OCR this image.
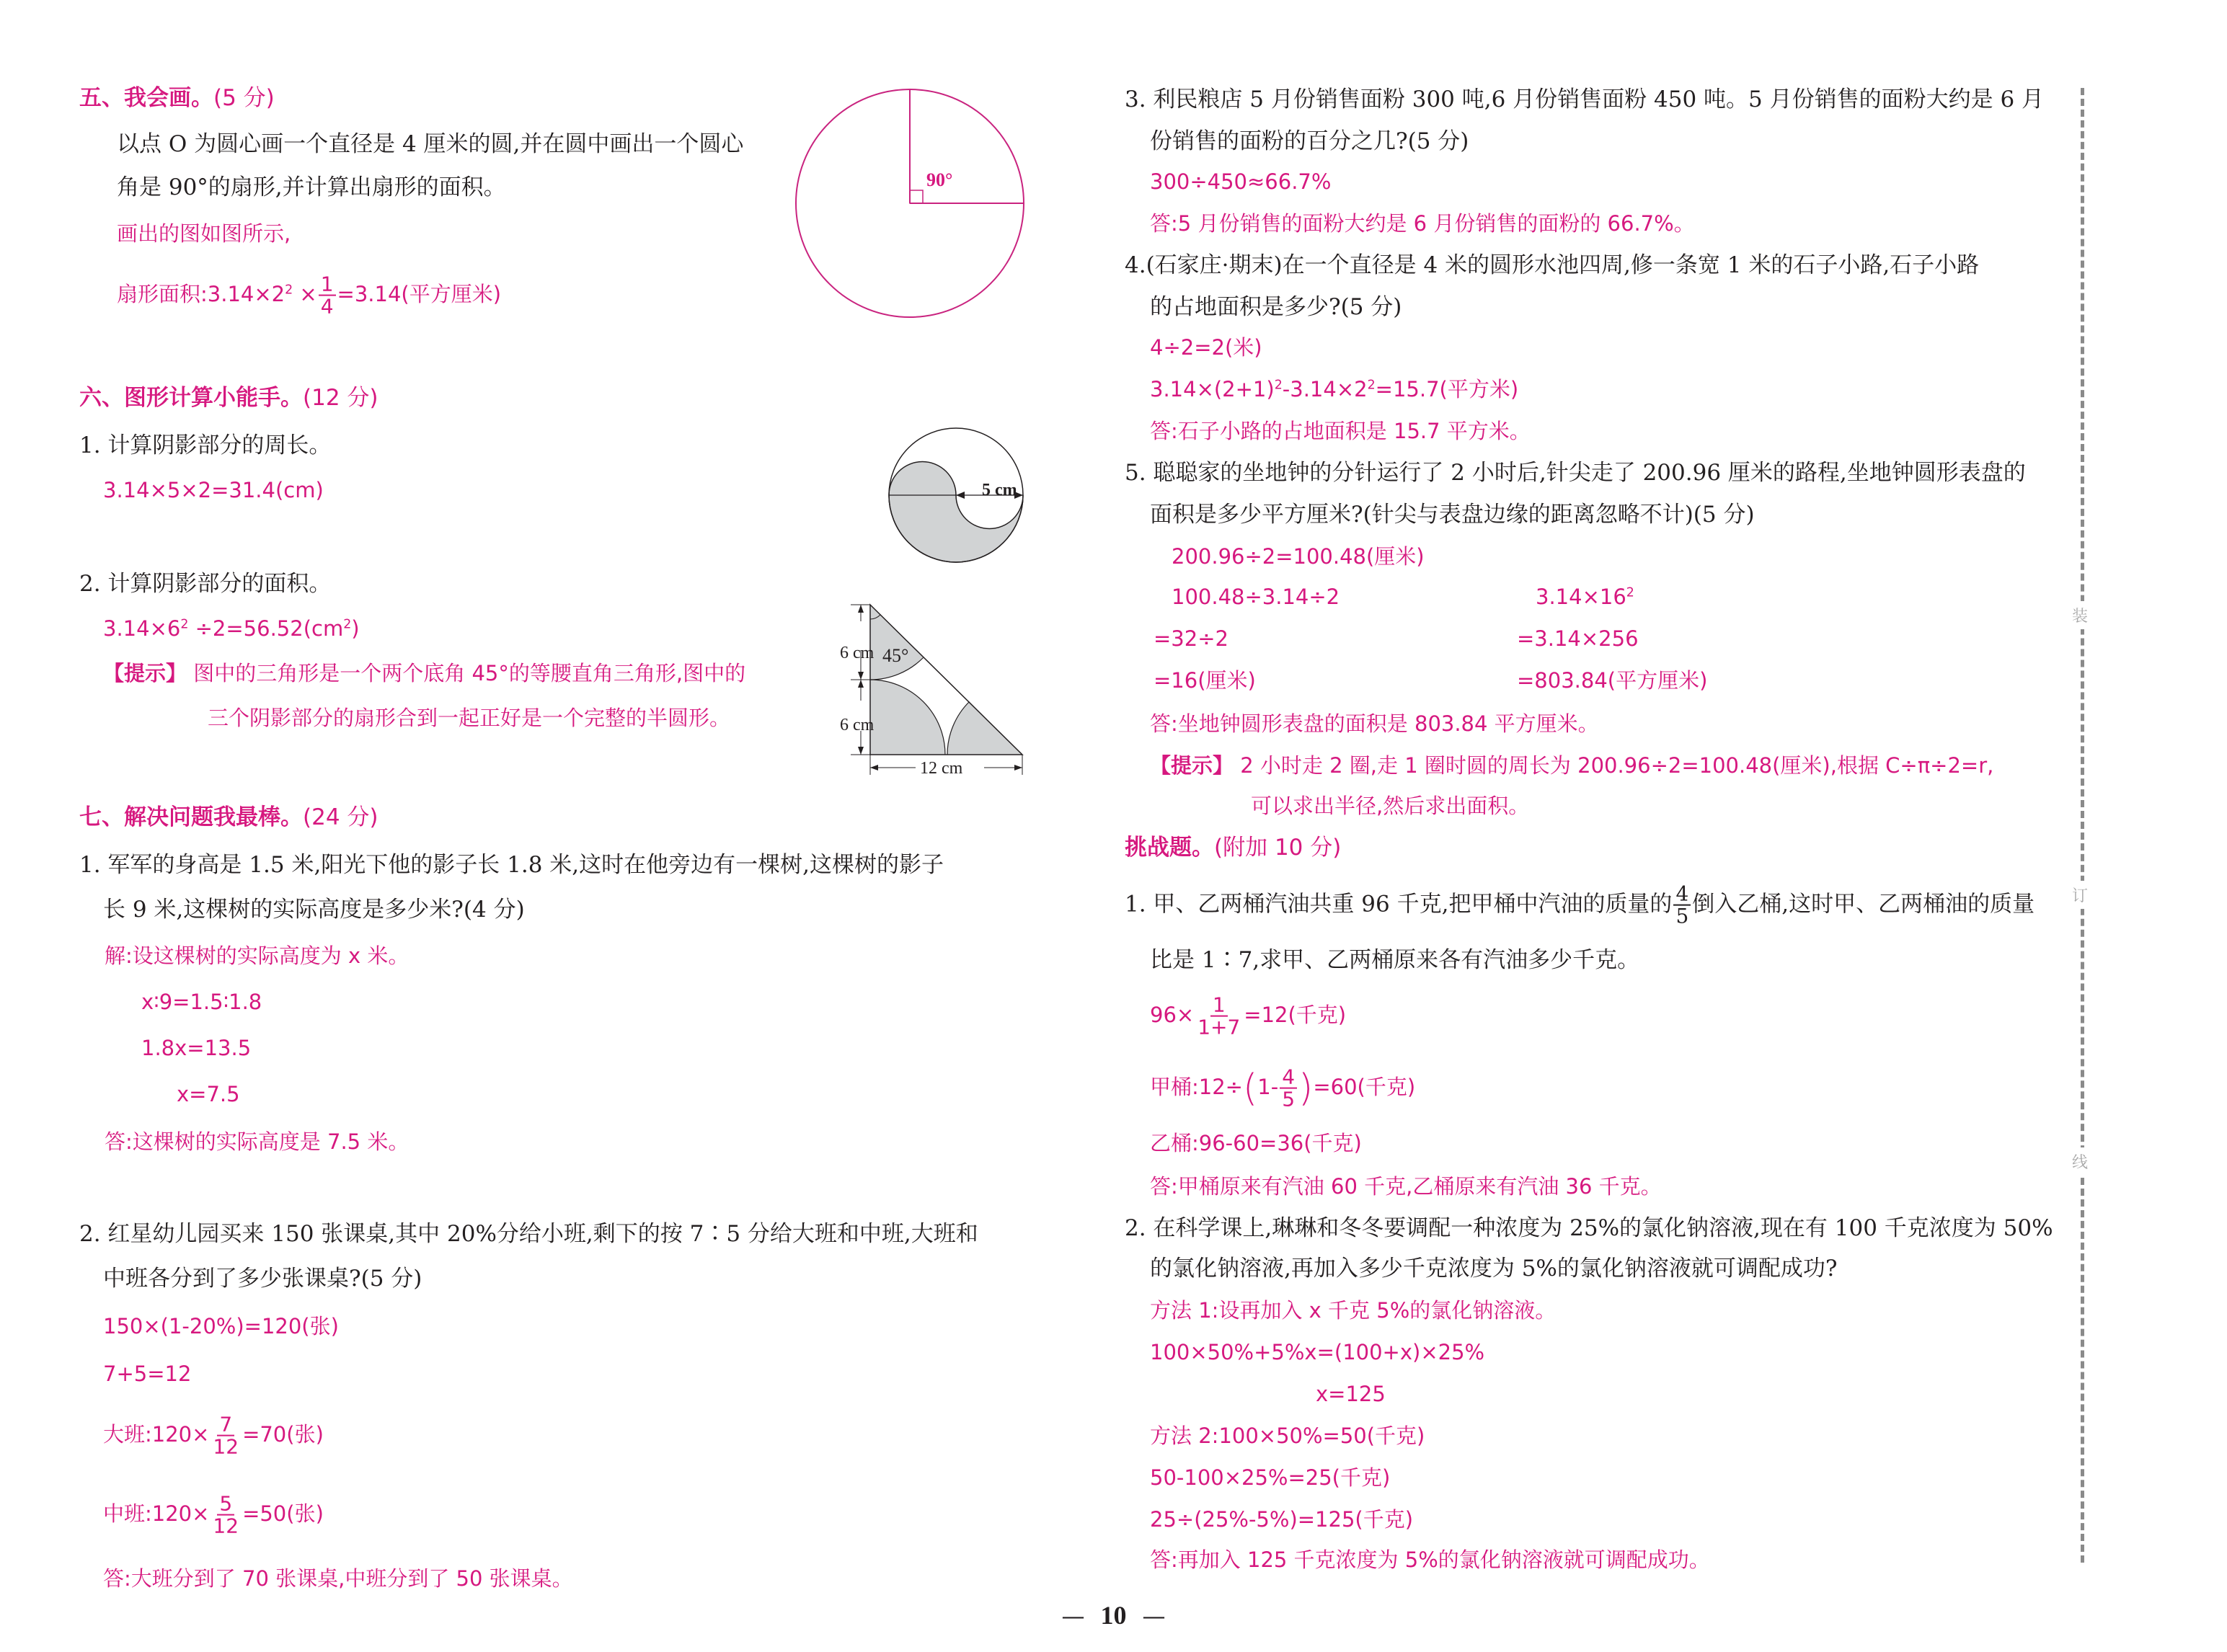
五、我会画。(5 分)
以点 O 为圆心画一个直径是 4 厘米的圆,并在圆中画出一个圆心
角是 90°的扇形,并计算出扇形的面积。
画出的图如图所示,
扇形面积$:3.14\times 2^2 \times \frac{1}{4} =3.14$(平方厘米)
90°
六、图形计算小能手。(12 分)
1. 计算阴影部分的周长。
3.14×5×2=31.4(cm)
2. 计算阴影部分的面积。
$3.14\times 6^2 \div 2=56.52(cm^2)$
【提示】 图中的三角形是一个两个底角 45°的等腰直角三角形,图中的
三个阴影部分的扇形合到一起正好是一个完整的半圆形。
5 cm
6 cm 45°
6 cm
12 cm
七、解决问题我最棒。(24 分)
1. 军军的身高是 1.5 米,阳光下他的影子长 1.8 米,这时在他旁边有一棵树,这棵树的影子
长 9 米,这棵树的实际高度是多少米?(4 分)
解:设这棵树的实际高度为 x 米。
x∶9=1.5∶1.8
1.8x=13.5
x=7.5
答:这棵树的实际高度是 7.5 米。
2. 红星幼儿园买来 150 张课桌,其中 20%分给小班,剩下的按 7∶5 分给大班和中班,大班和
中班各分到了多少张课桌?(5 分)
150×(1-20%)=120(张)
7+5=12
大班:120× $\frac{7}{12} =70$(张)
中班:120× $\frac{5}{12} =50$(张)
答:大班分到了 70 张课桌,中班分到了 50 张课桌。
3. 利民粮店 5 月份销售面粉 300 吨,6 月份销售面粉 450 吨。5 月份销售的面粉大约是 6 月
份销售的面粉的百分之几?(5 分)
300÷450≈66.7%
答:5 月份销售的面粉大约是 6 月份销售的面粉的 66.7%。
4.(石家庄·期末)在一个直径是 4 米的圆形水池四周,修一条宽 1 米的石子小路,石子小路
的占地面积是多少?(5 分)
4÷2=2(米)
$3.14\times(2+1)^2-3.14\times 2^2=15.7$(平方米)
答:石子小路的占地面积是 15.7 平方米。
5. 聪聪家的坐地钟的分针运行了 2 小时后,针尖走了 200.96 厘米的路程,坐地钟圆形表盘的
面积是多少平方厘米?(针尖与表盘边缘的距离忽略不计)(5 分)
200.96÷2=100.48(厘米)
100.48÷3.14÷2
=32÷2
=16(厘米)
$3.14\times 16^2$
=3.14×256
=803.84(平方厘米)
答:坐地钟圆形表盘的面积是 803.84 平方厘米。
【提示】 2 小时走 2 圈,走 1 圈时圆的周长为 200.96÷2=100.48(厘米),根据 C÷π÷2=r,
可以求出半径,然后求出面积。
挑战题。(附加 10 分)
1. 甲、乙两桶汽油共重 96 千克,把甲桶中汽油的质量的 $\frac{4}{5}$ 倒入乙桶,这时甲、乙两桶油的质量
比是 1∶7,求甲、乙两桶原来各有汽油多少千克。
$96\times \frac{1}{1+7} =12$(千克)
甲桶:12÷(1- $\frac{4}{5} )=60$(千克)
乙桶:96-60=36(千克)
答:甲桶原来有汽油 60 千克,乙桶原来有汽油 36 千克。
2. 在科学课上,琳琳和冬冬要调配一种浓度为 25%的氯化钠溶液,现在有 100 千克浓度为 50%
的氯化钠溶液,再加入多少千克浓度为 5%的氯化钠溶液就可调配成功?
方法 1:设再加入 x 千克 5%的氯化钠溶液。
100×50%+5%x=(100+x)×25%
x=125
方法 2:100×50%=50(千克)
50-100×25%=25(千克)
25÷(25%-5%)=125(千克)
答:再加入 125 千克浓度为 5%的氯化钠溶液就可调配成功。
装
订
线
— 10 —
